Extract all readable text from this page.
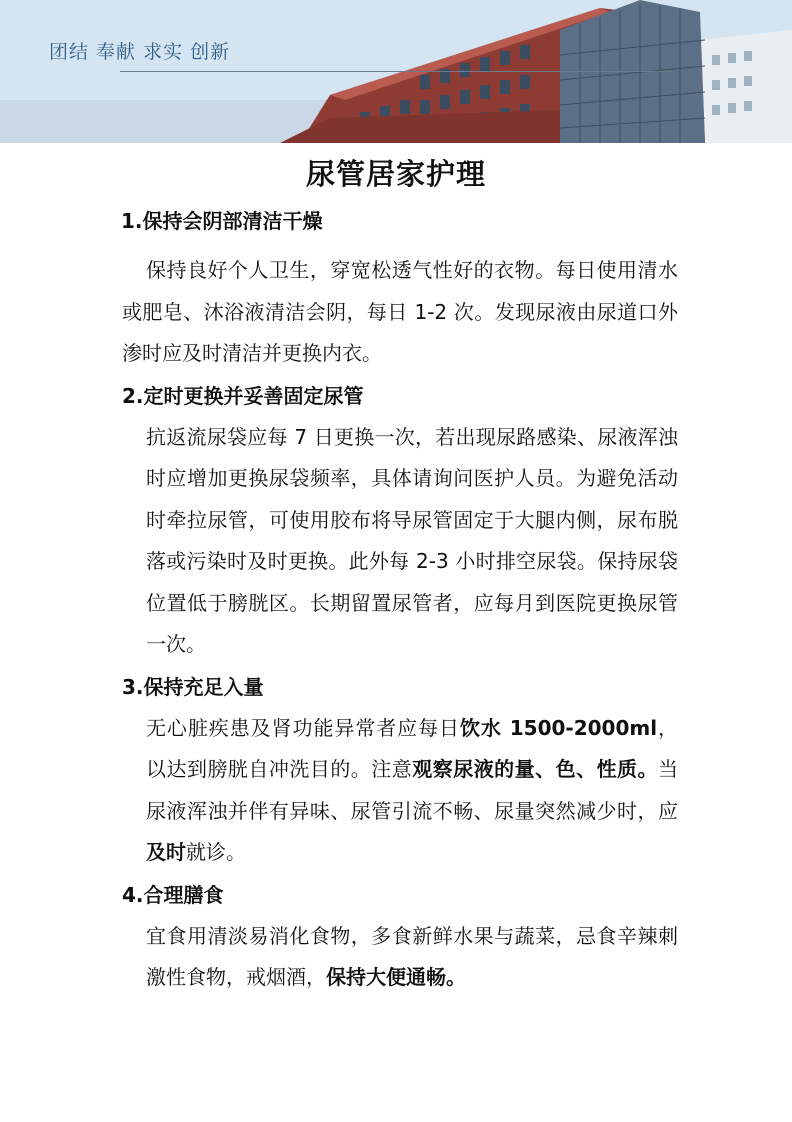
团结 奉献 求实 创新
尿管居家护理
1.保持会阴部清洁干燥

保持良好个人卫生，穿宽松透气性好的衣物。每日使用清水或肥皂、沐浴液清洁会阴，每日 1-2 次。发现尿液由尿道口外渗时应及时清洁并更换内衣。

2.定时更换并妥善固定尿管

抗返流尿袋应每 7 日更换一次，若出现尿路感染、尿液浑浊时应增加更换尿袋频率，具体请询问医护人员。为避免活动时牵拉尿管，可使用胶布将导尿管固定于大腿内侧，尿布脱落或污染时及时更换。此外每 2-3 小时排空尿袋。保持尿袋位置低于膀胱区。长期留置尿管者，应每月到医院更换尿管一次。

3.保持充足入量

无心脏疾患及肾功能异常者应每日饮水 1500-2000ml，以达到膀胱自冲洗目的。注意观察尿液的量、色、性质。当尿液浑浊并伴有异味、尿管引流不畅、尿量突然减少时，应及时就诊。

4.合理膳食

宜食用清淡易消化食物，多食新鲜水果与蔬菜，忌食辛辣刺激性食物，戒烟酒，保持大便通畅。
